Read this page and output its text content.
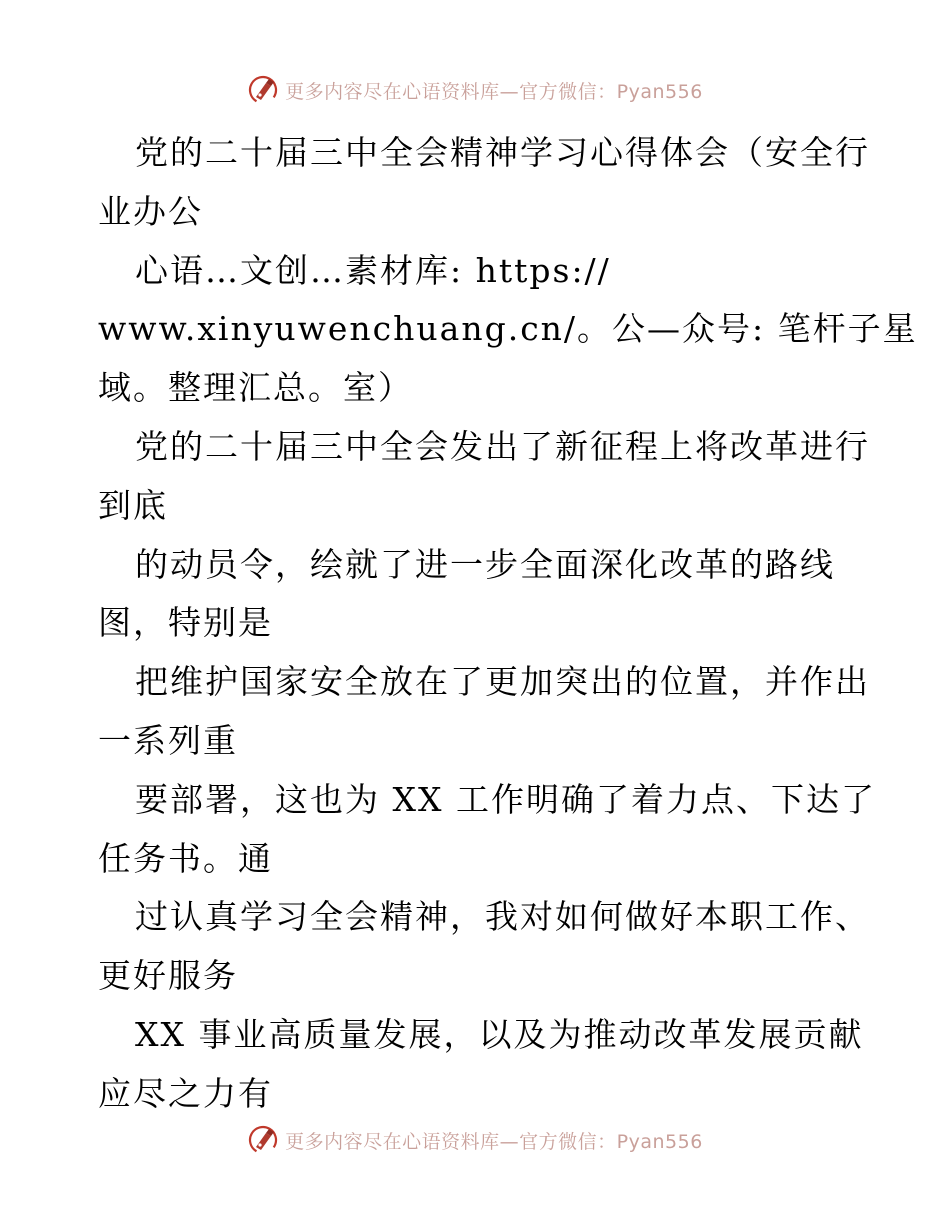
更多内容尽在心语资料库—官方微信：Pyan556
党的二十届三中全会精神学习心得体会（安全行
业办公
心语…文创…素材库: https://
www.xinyuwenchuang.cn/。公—众号: 笔杆子星
域。整理汇总。室）
党的二十届三中全会发出了新征程上将改革进行
到底
的动员令，绘就了进一步全面深化改革的路线
图，特别是
把维护国家安全放在了更加突出的位置，并作出
一系列重
要部署，这也为 XX 工作明确了着力点、下达了
任务书。通
过认真学习全会精神，我对如何做好本职工作、
更好服务
XX 事业高质量发展，以及为推动改革发展贡献
应尽之力有
更多内容尽在心语资料库—官方微信：Pyan556
